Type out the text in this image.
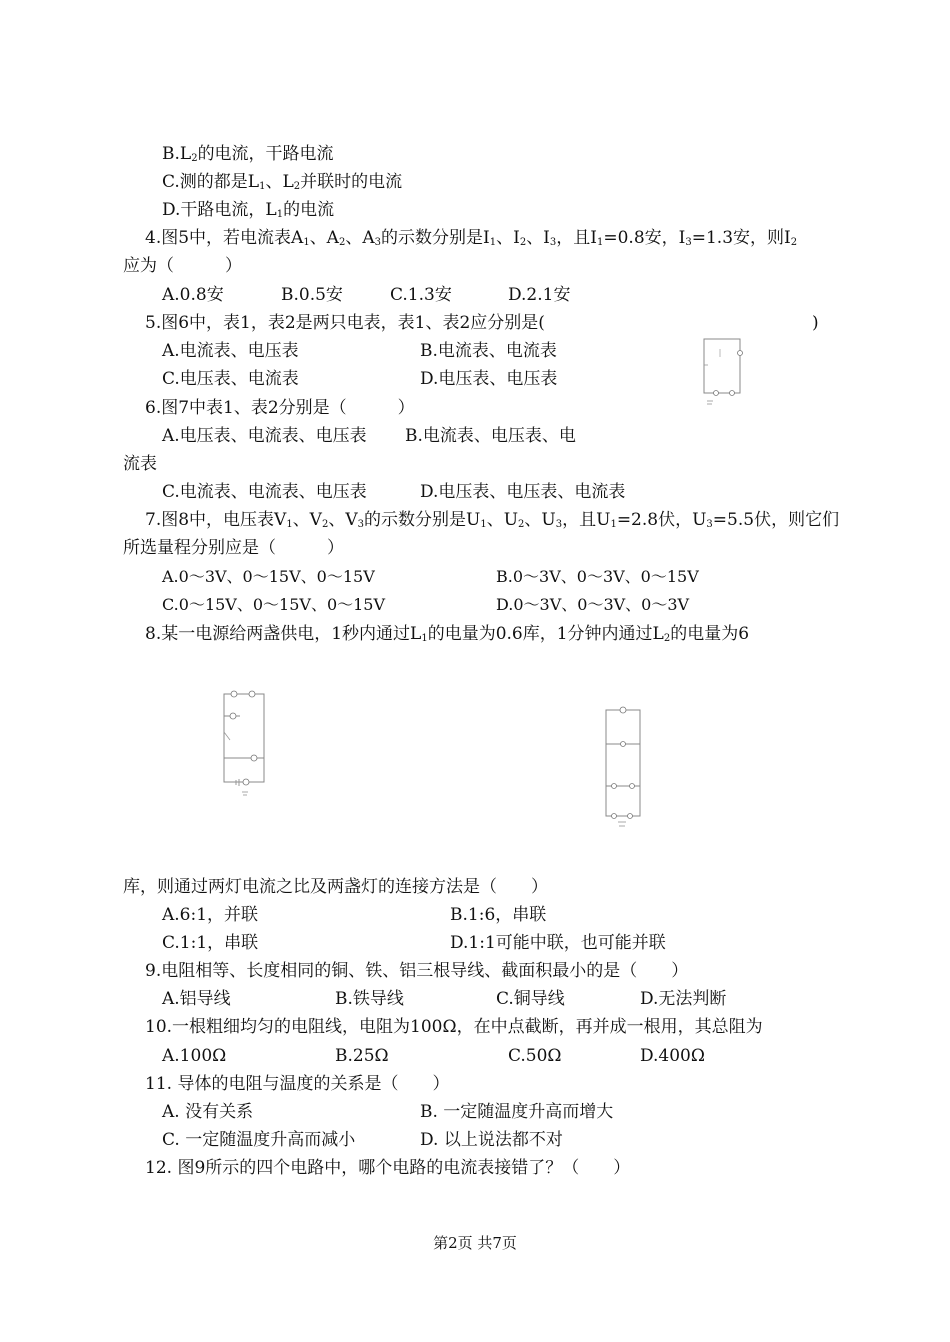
$B.L_2$的电流，干路电流
C.测的都是$L_1$、$L_2$并联时的电流
D.干路电流，$L_1$的电流
4.图5中，若电流表$A_1$、$A_2$、$A_3$的示数分别是$I_1$、$I_2$、$I_3$，且$I_1=0.8$安，$I_3=1.3$安，则$I_2$
应为（　　　）
A.0.8安	B.0.5安	C.1.3安	D.2.1安
5.图6中，表1，表2是两只电表，表1、表2应分别是(	)
A.电流表、电压表	B.电流表、电流表
C.电压表、电流表	D.电压表、电压表
6.图7中表1、表2分别是（　　　）
A.电压表、电流表、电压表 B.电流表、电压表、电
流表
C.电流表、电流表、电压表	D.电压表、电压表、电流表
7.图8中，电压表$V_1$、$V_2$、$V_3$的示数分别是$U_1$、$U_2$、$U_3$，且$U_1=2.8$伏，$U_3=5.5$伏，则它们
所选量程分别应是（　　　）
A.0～3V、0～15V、0～15V	B.0～3V、0～3V、0～15V
C.0～15V、0～15V、0～15V	D.0～3V、0～3V、0～3V
8.某一电源给两盏供电，1秒内通过$L_1$的电量为0.6库，1分钟内通过$L_2$的电量为6
库，则通过两灯电流之比及两盏灯的连接方法是（　　）
A.6:1，并联	B.1:6，串联
C.1:1，串联	D.1:1可能中联，也可能并联
9.电阻相等、长度相同的铜、铁、铝三根导线、截面积最小的是（　　）
A.铝导线	B.铁导线	C.铜导线	D.无法判断
10.一根粗细均匀的电阻线，电阻为100Ω，在中点截断，再并成一根用，其总阻为
A.100Ω	B.25Ω	C.50Ω	D.400Ω
11. 导体的电阻与温度的关系是（　　）
A. 没有关系	B. 一定随温度升高而增大
C. 一定随温度升高而减小	D. 以上说法都不对
12. 图9所示的四个电路中，哪个电路的电流表接错了？（　　）
第2页 共7页
